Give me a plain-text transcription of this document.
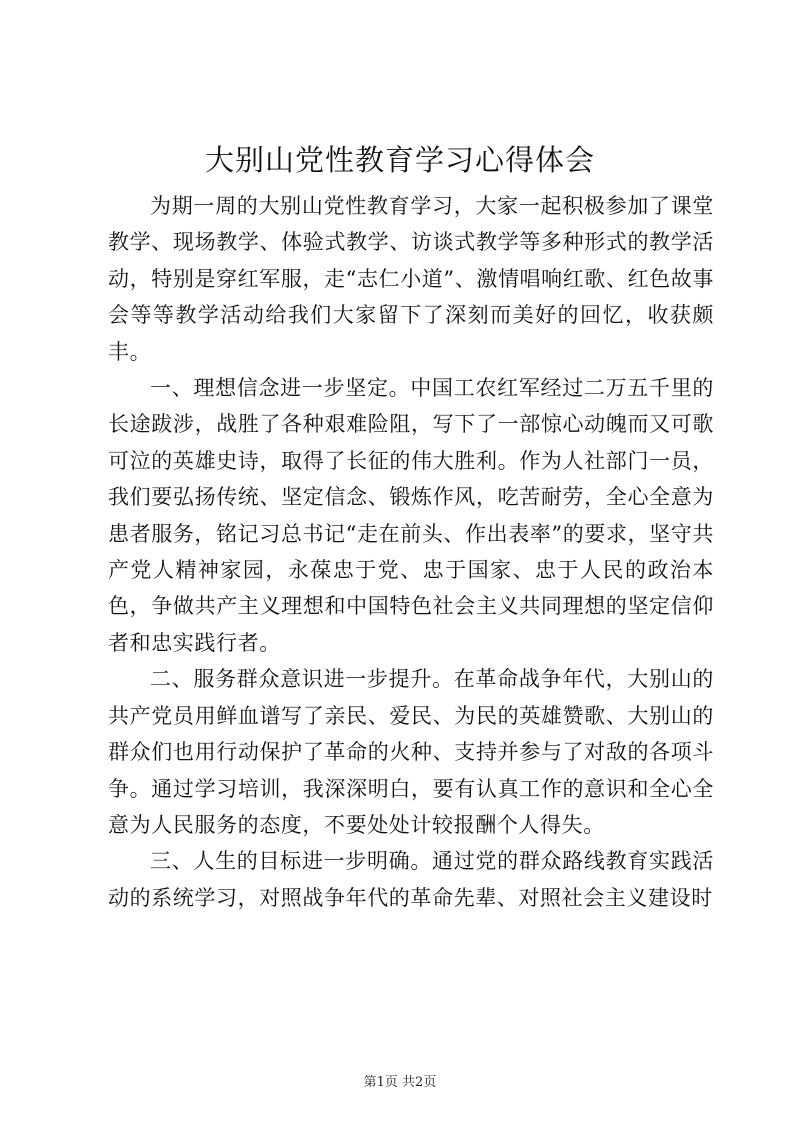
大别山党性教育学习心得体会

为期一周的大别山党性教育学习，大家一起积极参加了课堂教学、现场教学、体验式教学、访谈式教学等多种形式的教学活动，特别是穿红军服，走“志仁小道”、激情唱响红歌、红色故事会等等教学活动给我们大家留下了深刻而美好的回忆，收获颇丰。

一、理想信念进一步坚定。中国工农红军经过二万五千里的长途跋涉，战胜了各种艰难险阻，写下了一部惊心动魄而又可歌可泣的英雄史诗，取得了长征的伟大胜利。作为人社部门一员，我们要弘扬传统、坚定信念、锻炼作风，吃苦耐劳，全心全意为患者服务，铭记习总书记“走在前头、作出表率”的要求，坚守共产党人精神家园，永葆忠于党、忠于国家、忠于人民的政治本色，争做共产主义理想和中国特色社会主义共同理想的坚定信仰者和忠实践行者。

二、服务群众意识进一步提升。在革命战争年代，大别山的共产党员用鲜血谱写了亲民、爱民、为民的英雄赞歌、大别山的群众们也用行动保护了革命的火种、支持并参与了对敌的各项斗争。通过学习培训，我深深明白，要有认真工作的意识和全心全意为人民服务的态度，不要处处计较报酬个人得失。

三、人生的目标进一步明确。通过党的群众路线教育实践活动的系统学习，对照战争年代的革命先辈、对照社会主义建设时

第1页 共2页
